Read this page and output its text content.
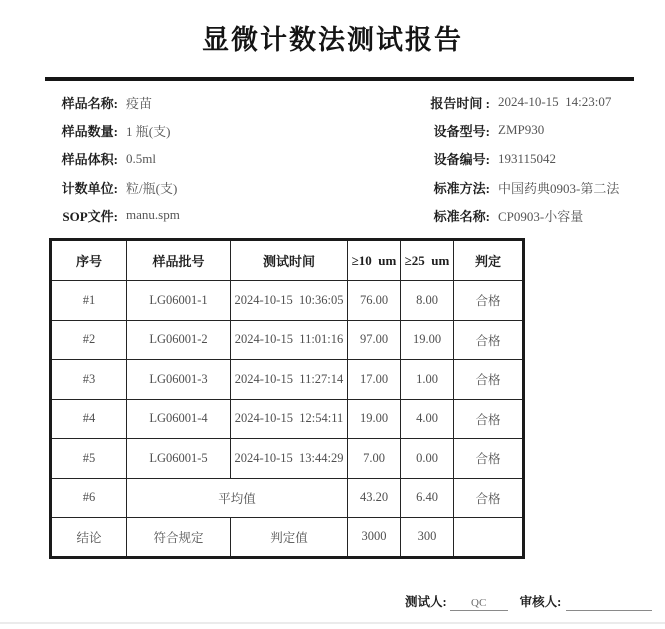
显微计数法测试报告
样品名称: 疫苗
样品数量: 1 瓶(支)
样品体积: 0.5ml
计数单位: 粒/瓶(支)
SOP文件: manu.spm
报告时间 : 2024-10-15  14:23:07
设备型号: ZMP930
设备编号: 193115042
标准方法: 中国药典0903-第二法
标准名称: CP0903-小容量
序号	样品批号	测试时间	≥10  um	≥25  um	判定
#1	LG06001-1	2024-10-15  10:36:05	76.00	8.00	合格
#2	LG06001-2	2024-10-15  11:01:16	97.00	19.00	合格
#3	LG06001-3	2024-10-15  11:27:14	17.00	1.00	合格
#4	LG06001-4	2024-10-15  12:54:11	19.00	4.00	合格
#5	LG06001-5	2024-10-15  13:44:29	7.00	0.00	合格
#6	平均值		43.20	6.40	合格
结论	符合规定	判定值	3000	300	
测试人:	QC	审核人:
